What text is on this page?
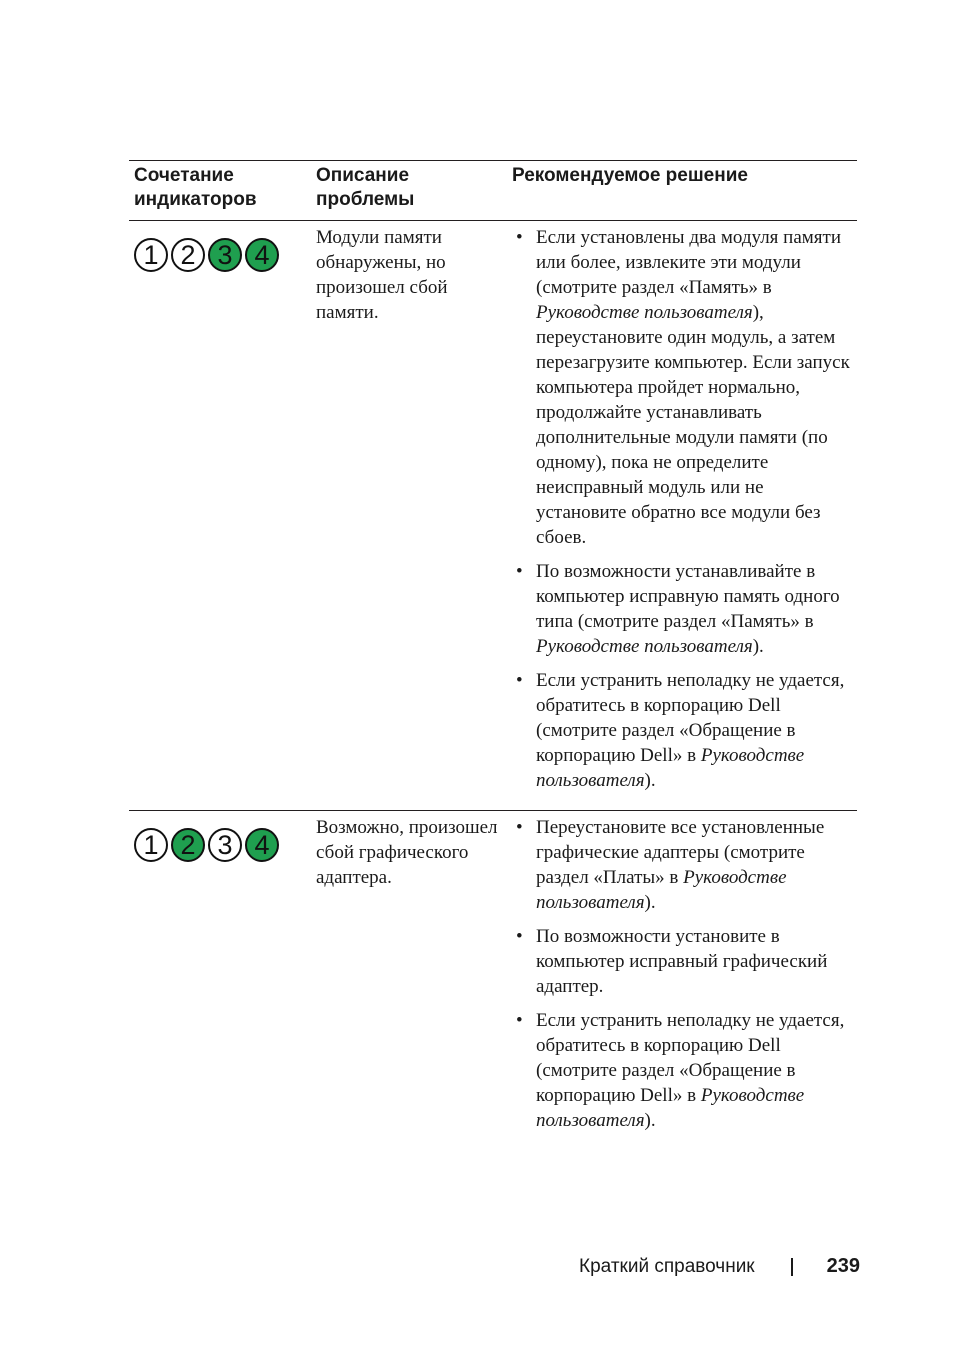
Сочетание индикаторов
Описание проблемы
Рекомендуемое решение
1 2 3 4

Модули памяти обнаружены, но произошел сбой памяти.

• Если установлены два модуля памяти или более, извлеките эти модули (смотрите раздел «Память» в Руководстве пользователя), переустановите один модуль, а затем перезагрузите компьютер. Если запуск компьютера пройдет нормально, продолжайте устанавливать дополнительные модули памяти (по одному), пока не определите неисправный модуль или не установите обратно все модули без сбоев.
• По возможности устанавливайте в компьютер исправную память одного типа (смотрите раздел «Память» в Руководстве пользователя).
• Если устранить неполадку не удается, обратитесь в корпорацию Dell (смотрите раздел «Обращение в корпорацию Dell» в Руководстве пользователя).
1 2 3 4

Возможно, произошел сбой графического адаптера.

• Переустановите все установленные графические адаптеры (смотрите раздел «Платы» в Руководстве пользователя).
• По возможности установите в компьютер исправный графический адаптер.
• Если устранить неполадку не удается, обратитесь в корпорацию Dell (смотрите раздел «Обращение в корпорацию Dell» в Руководстве пользователя).
Краткий справочник	239
